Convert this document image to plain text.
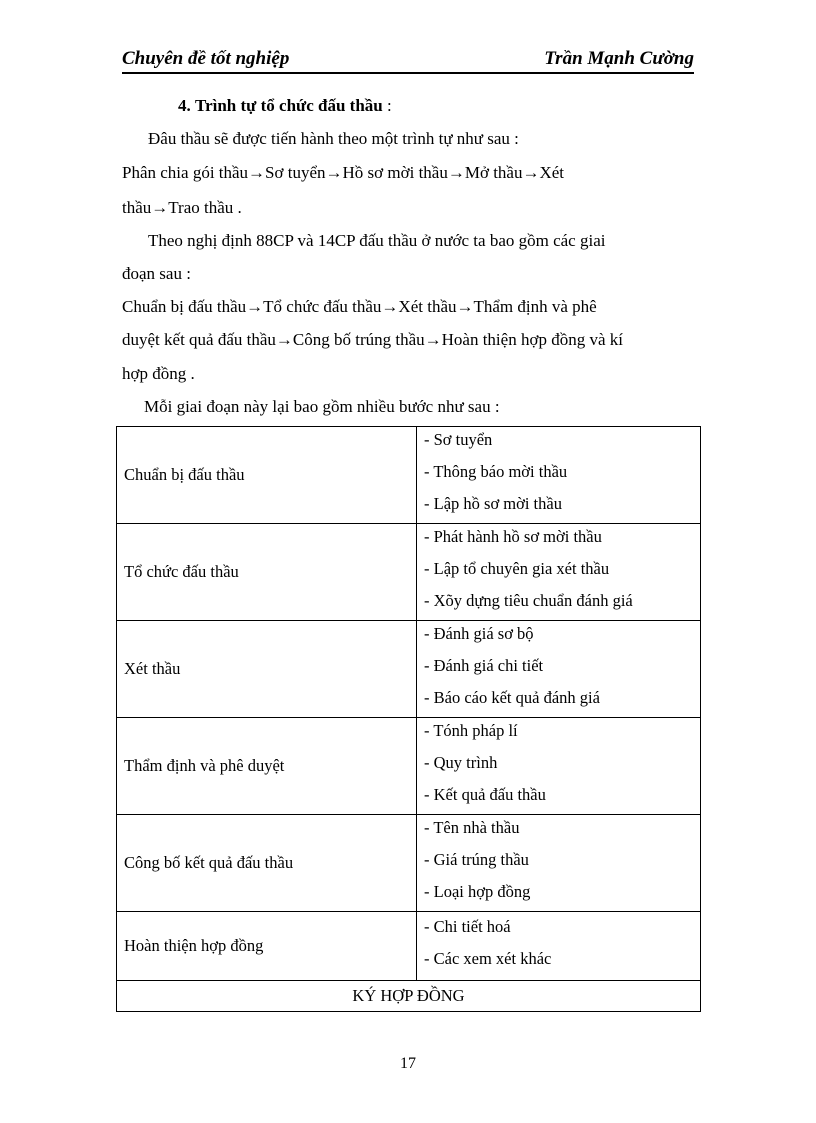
Chuyên đề tốt nghiệp	Trần Mạnh Cường
4. Trình tự tổ chức đấu thầu :
Đâu thầu sẽ được tiến hành theo một trình tự như sau :
Phân chia gói thầu→Sơ tuyển→Hồ sơ mời thầu→Mở thầu→Xét
thầu→Trao thầu .
Theo nghị định 88CP và 14CP đấu thầu ở nước ta bao gồm các giai
đoạn sau :
Chuẩn bị đấu thầu→Tổ chức đấu thầu→Xét thầu→Thẩm định và phê
duyệt kết quả đấu thầu→Công bố trúng thầu→Hoàn thiện hợp đồng và kí
hợp đồng .
Mỗi giai đoạn này lại bao gồm nhiều bước như sau :
Chuẩn bị đấu thầu	- Sơ tuyển
- Thông báo mời thầu
- Lập hồ sơ mời thầu

Tổ chức đấu thầu	- Phát hành hồ sơ mời thầu
- Lập tổ chuyên gia xét thầu
- Xõy dựng tiêu chuẩn đánh giá

Xét thầu	- Đánh giá sơ bộ
- Đánh giá chi tiết
- Báo cáo kết quả đánh giá

Thẩm định và phê duyệt	- Tónh pháp lí
- Quy trình
- Kết quả đấu thầu

Công bố kết quả đấu thầu	- Tên nhà thầu
- Giá trúng thầu
- Loại hợp đồng

Hoàn thiện hợp đồng	- Chi tiết hoá
- Các xem xét khác

KÝ HỢP ĐỒNG	
17
